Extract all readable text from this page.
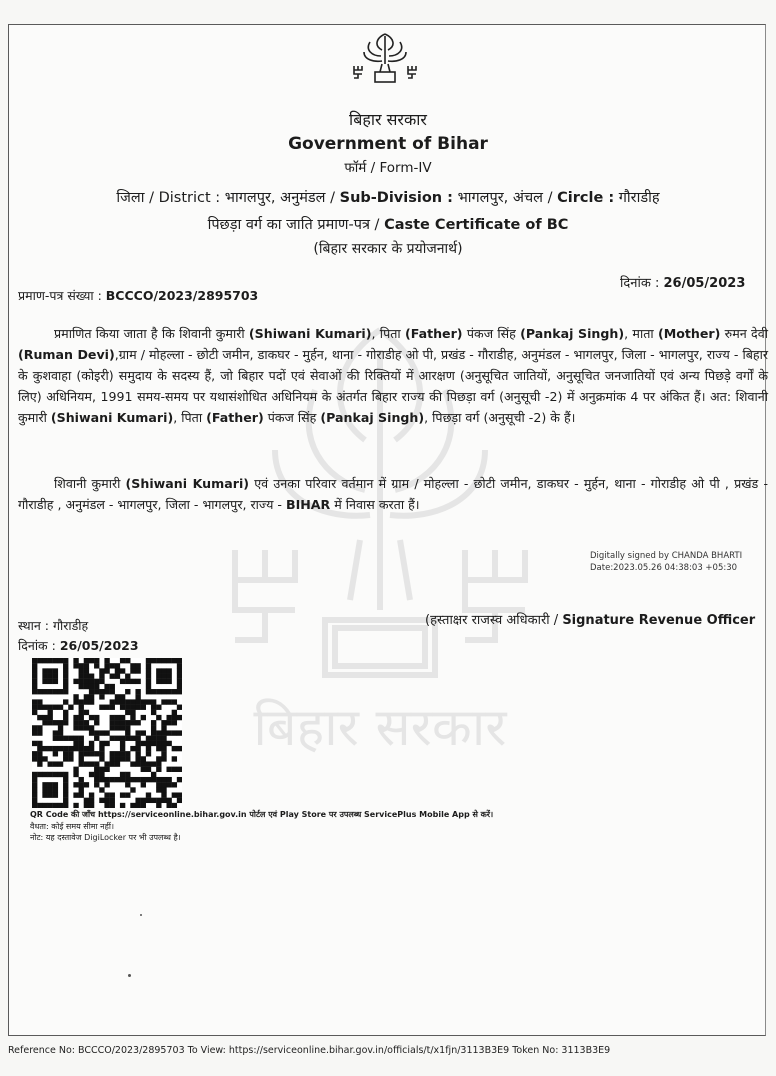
बिहार सरकार
बिहार सरकार
Government of Bihar
फॉर्म / Form-IV
जिला / District : भागलपुर, अनुमंडल / Sub-Division : भागलपुर, अंचल / Circle : गौराडीह
पिछड़ा वर्ग का जाति प्रमाण-पत्र / Caste Certificate of BC
(बिहार सरकार के प्रयोजनार्थ)
दिनांक : 26/05/2023
प्रमाण-पत्र संख्या : BCCCO/2023/2895703
प्रमाणित किया जाता है कि शिवानी कुमारी (Shiwani Kumari), पिता (Father) पंकज सिंह (Pankaj Singh), माता (Mother) रुमन देवी (Ruman Devi),ग्राम / मोहल्ला - छोटी जमीन, डाकघर - मुर्हन, थाना - गोराडीह ओ पी, प्रखंड - गौराडीह, अनुमंडल - भागलपुर, जिला - भागलपुर, राज्य - बिहार के कुशवाहा (कोइरी) समुदाय के सदस्य हैं, जो बिहार पदों एवं सेवाओं की रिक्तियों में आरक्षण (अनुसूचित जातियों, अनुसूचित जनजातियों एवं अन्य पिछड़े वर्गों के लिए) अधिनियम, 1991 समय-समय पर यथासंशोधित अधिनियम के अंतर्गत बिहार राज्य की पिछड़ा वर्ग (अनुसूची -2) में अनुक्रमांक 4 पर अंकित हैं। अत: शिवानी कुमारी (Shiwani Kumari), पिता (Father) पंकज सिंह (Pankaj Singh), पिछड़ा वर्ग (अनुसूची -2) के हैं।
शिवानी कुमारी (Shiwani Kumari) एवं उनका परिवार वर्तमान में ग्राम / मोहल्ला - छोटी जमीन, डाकघर - मुर्हन, थाना - गोराडीह ओ पी , प्रखंड - गौराडीह , अनुमंडल - भागलपुर, जिला - भागलपुर, राज्य - BIHAR में निवास करता हैं।
Digitally signed by CHANDA BHARTI
Date:2023.05.26 04:38:03 +05:30
स्थान : गौराडीह
दिनांक : 26/05/2023
(हस्ताक्षर राजस्व अधिकारी / Signature Revenue Officer
QR Code की जाँच https://serviceonline.bihar.gov.in पोर्टल एवं Play Store पर उपलब्ध ServicePlus Mobile App से करें।
वैधता: कोई समय सीमा नहीं।
नोट: यह दस्तावेज DigiLocker पर भी उपलब्ध है।
Reference No: BCCCO/2023/2895703 To View: https://serviceonline.bihar.gov.in/officials/t/x1fjn/3113B3E9 Token No: 3113B3E9
